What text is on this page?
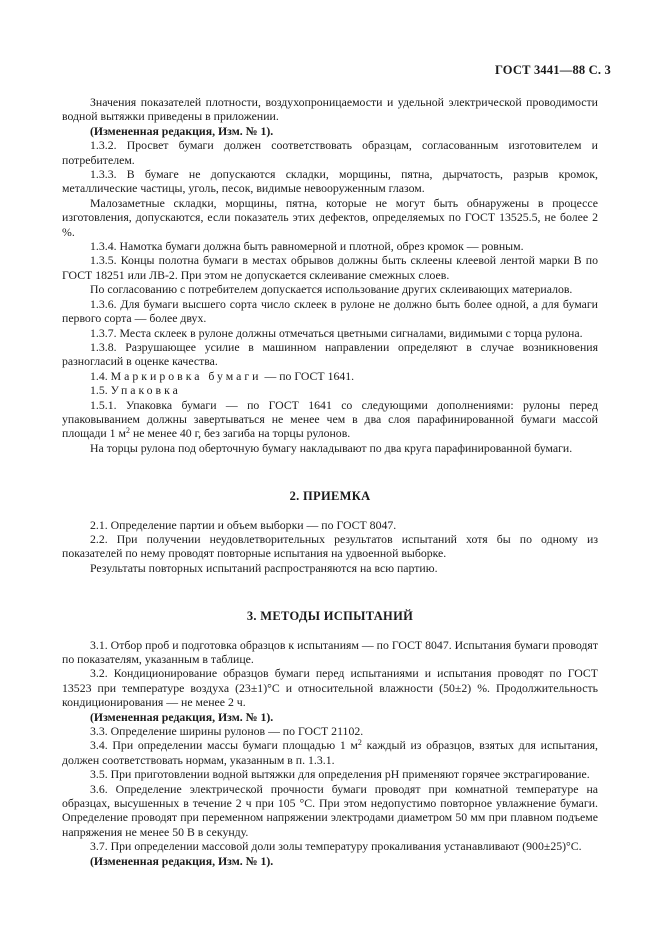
ГОСТ 3441—88 С. 3

Значения показателей плотности, воздухопроницаемости и удельной электрической проводимости водной вытяжки приведены в приложении.

(Измененная редакция, Изм. № 1).

1.3.2. Просвет бумаги должен соответствовать образцам, согласованным изготовителем и потребителем.

1.3.3. В бумаге не допускаются складки, морщины, пятна, дырчатость, разрыв кромок, металлические частицы, уголь, песок, видимые невооруженным глазом.

Малозаметные складки, морщины, пятна, которые не могут быть обнаружены в процессе изготовления, допускаются, если показатель этих дефектов, определяемых по ГОСТ 13525.5, не более 2 %.

1.3.4. Намотка бумаги должна быть равномерной и плотной, обрез кромок — ровным.

1.3.5. Концы полотна бумаги в местах обрывов должны быть склеены клеевой лентой марки В по ГОСТ 18251 или ЛВ-2. При этом не допускается склеивание смежных слоев.

По согласованию с потребителем допускается использование других склеивающих материалов.

1.3.6. Для бумаги высшего сорта число склеек в рулоне не должно быть более одной, а для бумаги первого сорта — более двух.

1.3.7. Места склеек в рулоне должны отмечаться цветными сигналами, видимыми с торца рулона.

1.3.8. Разрушающее усилие в машинном направлении определяют в случае возникновения разногласий в оценке качества.

1.4. Маркировка бумаги — по ГОСТ 1641.

1.5. Упаковка

1.5.1. Упаковка бумаги — по ГОСТ 1641 со следующими дополнениями: рулоны перед упаковыванием должны завертываться не менее чем в два слоя парафинированной бумаги массой площади 1 $м^2$ не менее 40 г, без загиба на торцы рулонов.

На торцы рулона под оберточную бумагу накладывают по два круга парафинированной бумаги.

2. ПРИЕМКА

2.1. Определение партии и объем выборки — по ГОСТ 8047.

2.2. При получении неудовлетворительных результатов испытаний хотя бы по одному из показателей по нему проводят повторные испытания на удвоенной выборке.

Результаты повторных испытаний распространяются на всю партию.

3. МЕТОДЫ ИСПЫТАНИЙ

3.1. Отбор проб и подготовка образцов к испытаниям — по ГОСТ 8047. Испытания бумаги проводят по показателям, указанным в таблице.

3.2. Кондиционирование образцов бумаги перед испытаниями и испытания проводят по ГОСТ 13523 при температуре воздуха (23±1)°С и относительной влажности (50±2) %. Продолжительность кондиционирования — не менее 2 ч.

(Измененная редакция, Изм. № 1).

3.3. Определение ширины рулонов — по ГОСТ 21102.

3.4. При определении массы бумаги площадью 1 $м^2$ каждый из образцов, взятых для испытания, должен соответствовать нормам, указанным в п. 1.3.1.

3.5. При приготовлении водной вытяжки для определения рН применяют горячее экстрагирование.

3.6. Определение электрической прочности бумаги проводят при комнатной температуре на образцах, высушенных в течение 2 ч при 105 °С. При этом недопустимо повторное увлажнение бумаги. Определение проводят при переменном напряжении электродами диаметром 50 мм при плавном подъеме напряжения не менее 50 В в секунду.

3.7. При определении массовой доли золы температуру прокаливания устанавливают (900±25)°С.

(Измененная редакция, Изм. № 1).
